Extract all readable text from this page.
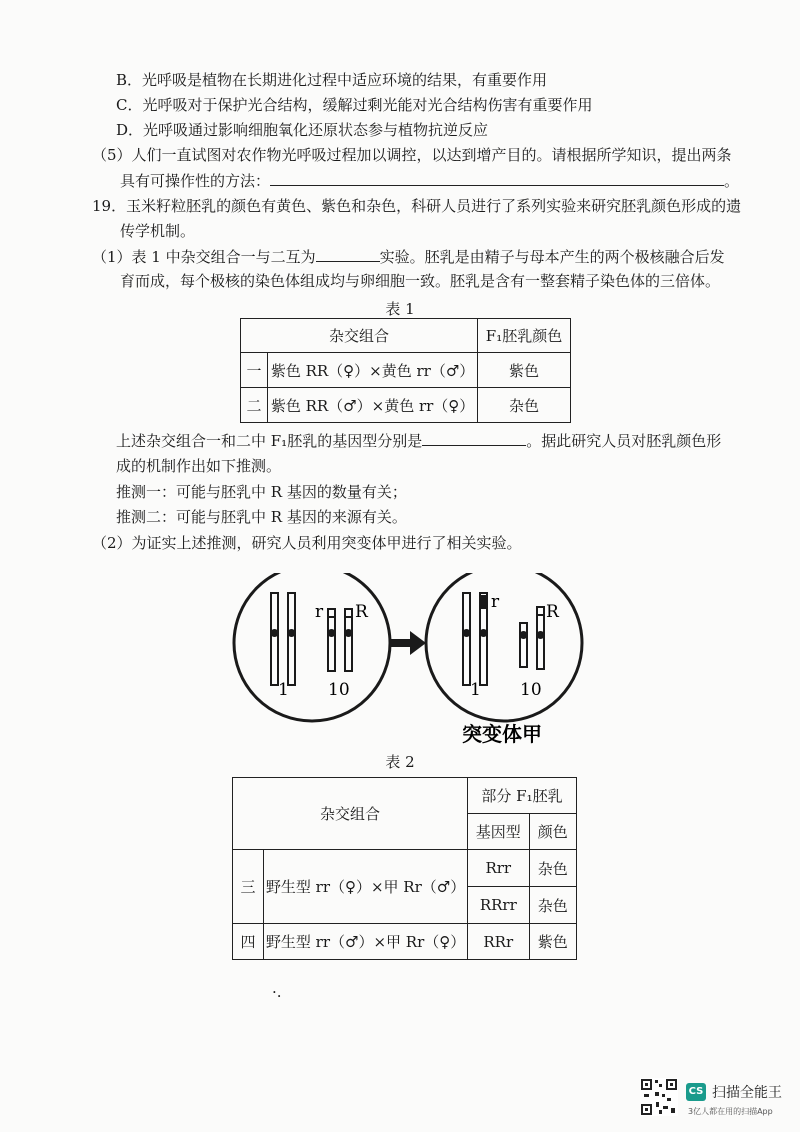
B．光呼吸是植物在长期进化过程中适应环境的结果，有重要作用
C．光呼吸对于保护光合结构，缓解过剩光能对光合结构伤害有重要作用
D．光呼吸通过影响细胞氧化还原状态参与植物抗逆反应
（5）人们一直试图对农作物光呼吸过程加以调控，以达到增产目的。请根据所学知识，提出两条
具有可操作性的方法：	。
19．玉米籽粒胚乳的颜色有黄色、紫色和杂色，科研人员进行了系列实验来研究胚乳颜色形成的遗
传学机制。
（1）表 1 中杂交组合一与二互为	实验。胚乳是由精子与母本产生的两个极核融合后发
育而成，每个极核的染色体组成均与卵细胞一致。胚乳是含有一整套精子染色体的三倍体。
表 1
杂交组合		F₁胚乳颜色
一	紫色 RR（♀）×黄色 rr（♂）	紫色
二	紫色 RR（♂）×黄色 rr（♀）	杂色
上述杂交组合一和二中 F₁胚乳的基因型分别是	。据此研究人员对胚乳颜色形
成的机制作出如下推测。
推测一：可能与胚乳中 R 基因的数量有关；
推测二：可能与胚乳中 R 基因的来源有关。
（2）为证实上述推测，研究人员利用突变体甲进行了相关实验。
r R
1 10
r	R
1 10
突变体甲
表 2
杂交组合		部分 F₁胚乳	
		基因型	颜色
三	野生型 rr（♀）×甲 Rr（♂）	Rrr	杂色
		RRrr	杂色
四	野生型 rr（♂）×甲 Rr（♀）	RRr	紫色
·.
CS 扫描全能王
3亿人都在用的扫描App
